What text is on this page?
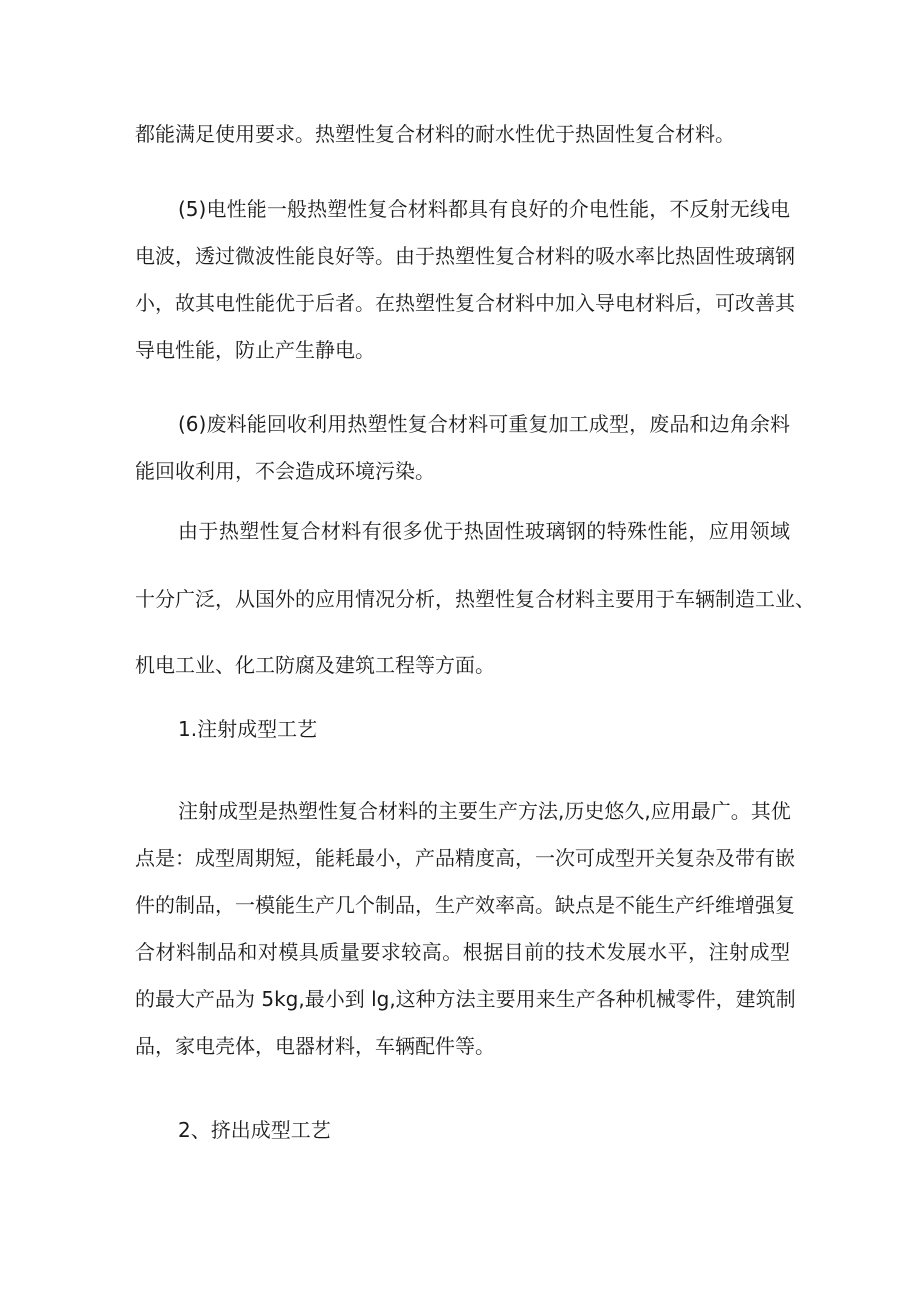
都能满足使用要求。热塑性复合材料的耐水性优于热固性复合材料。

(5)电性能一般热塑性复合材料都具有良好的介电性能，不反射无线电

电波，透过微波性能良好等。由于热塑性复合材料的吸水率比热固性玻璃钢

小，故其电性能优于后者。在热塑性复合材料中加入导电材料后，可改善其

导电性能，防止产生静电。

(6)废料能回收利用热塑性复合材料可重复加工成型，废品和边角余料

能回收利用，不会造成环境污染。

由于热塑性复合材料有很多优于热固性玻璃钢的特殊性能，应用领域

十分广泛，从国外的应用情况分析，热塑性复合材料主要用于车辆制造工业、

机电工业、化工防腐及建筑工程等方面。

1.注射成型工艺

注射成型是热塑性复合材料的主要生产方法,历史悠久,应用最广。其优

点是：成型周期短，能耗最小，产品精度高，一次可成型开关复杂及带有嵌

件的制品，一模能生产几个制品，生产效率高。缺点是不能生产纤维增强复

合材料制品和对模具质量要求较高。根据目前的技术发展水平，注射成型

的最大产品为 5kg,最小到 lg,这种方法主要用来生产各种机械零件，建筑制

品，家电壳体，电器材料，车辆配件等。

2、挤出成型工艺
